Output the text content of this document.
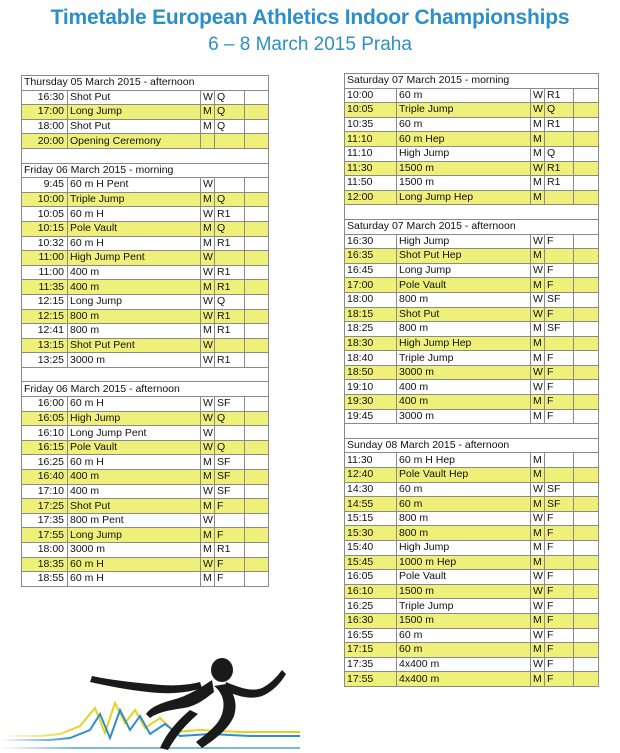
Timetable European Athletics Indoor Championships
6 – 8 March 2015 Praha
Thursday 05 March 2015 - afternoon				
16:30	Shot Put	W	Q	
17:00	Long Jump	M	Q	
18:00	Shot Put	M	Q	
20:00	Opening Ceremony			

Friday 06 March 2015 - morning				
9:45	60 m H Pent	W		
10:00	Triple Jump	M	Q	
10:05	60 m H	W	R1	
10:15	Pole Vault	M	Q	
10:32	60 m H	M	R1	
11:00	High Jump Pent	W		
11:00	400 m	W	R1	
11:35	400 m	M	R1	
12:15	Long Jump	W	Q	
12:15	800 m	W	R1	
12:41	800 m	M	R1	
13:15	Shot Put Pent	W		
13:25	3000 m	W	R1	

Friday 06 March 2015 - afternoon				
16:00	60 m H	W	SF	
16:05	High Jump	W	Q	
16:10	Long Jump Pent	W		
16:15	Pole Vault	W	Q	
16:25	60 m H	M	SF	
16:40	400 m	M	SF	
17:10	400 m	W	SF	
17:25	Shot Put	M	F	
17:35	800 m Pent	W		
17:55	Long Jump	M	F	
18:00	3000 m	M	R1	
18:35	60 m H	W	F	
18:55	60 m H	M	F	
Saturday 07 March 2015 - morning				
10:00	60 m	W	R1	
10:05	Triple Jump	W	Q	
10:35	60 m	M	R1	
11:10	60 m Hep	M		
11:10	High Jump	M	Q	
11:30	1500 m	W	R1	
11:50	1500 m	M	R1	
12:00	Long Jump Hep	M		

Saturday 07 March 2015 - afternoon				
16:30	High Jump	W	F	
16:35	Shot Put Hep	M		
16:45	Long Jump	W	F	
17:00	Pole Vault	M	F	
18:00	800 m	W	SF	
18:15	Shot Put	W	F	
18:25	800 m	M	SF	
18:30	High Jump Hep	M		
18:40	Triple Jump	M	F	
18:50	3000 m	W	F	
19:10	400 m	W	F	
19:30	400 m	M	F	
19:45	3000 m	M	F	

Sunday 08 March 2015 - afternoon				
11:30	60 m H Hep	M		
12:40	Pole Vault Hep	M		
14:30	60 m	W	SF	
14:55	60 m	M	SF	
15:15	800 m	W	F	
15:30	800 m	M	F	
15:40	High Jump	M	F	
15:45	1000 m Hep	M		
16:05	Pole Vault	W	F	
16:10	1500 m	W	F	
16:25	Triple Jump	W	F	
16:30	1500 m	M	F	
16:55	60 m	W	F	
17:15	60 m	M	F	
17:35	4x400 m	W	F	
17:55	4x400 m	M	F	
